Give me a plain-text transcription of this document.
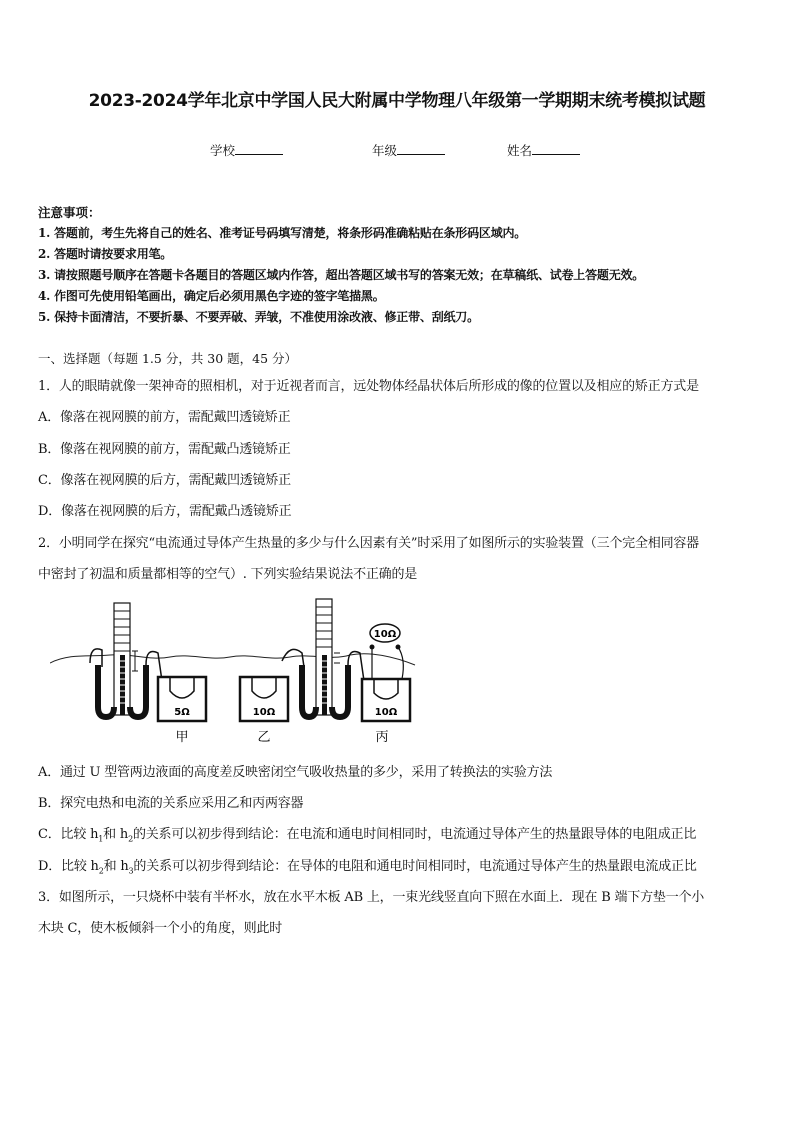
2023-2024学年北京中学国人民大附属中学物理八年级第一学期期末统考模拟试题
学校	年级	姓名
注意事项：
1. 答题前，考生先将自己的姓名、准考证号码填写清楚，将条形码准确粘贴在条形码区域内。
2. 答题时请按要求用笔。
3. 请按照题号顺序在答题卡各题目的答题区域内作答，超出答题区域书写的答案无效；在草稿纸、试卷上答题无效。
4. 作图可先使用铅笔画出，确定后必须用黑色字迹的签字笔描黑。
5. 保持卡面清洁，不要折暴、不要弄破、弄皱，不准使用涂改液、修正带、刮纸刀。
一、选择题（每题 1.5 分，共 30 题，45 分）
1．人的眼睛就像一架神奇的照相机，对于近视者而言，远处物体经晶状体后所形成的像的位置以及相应的矫正方式是
A．像落在视网膜的前方，需配戴凹透镜矫正
B．像落在视网膜的前方，需配戴凸透镜矫正
C．像落在视网膜的后方，需配戴凹透镜矫正
D．像落在视网膜的后方，需配戴凸透镜矫正
2．小明同学在探究“电流通过导体产生热量的多少与什么因素有关”时采用了如图所示的实验装置（三个完全相同容器
中密封了初温和质量都相等的空气）. 下列实验结果说法不正确的是
5Ω	10Ω
10Ω
10Ω
甲	乙	丙
A．通过 U 型管两边液面的高度差反映密闭空气吸收热量的多少，采用了转换法的实验方法
B．探究电热和电流的关系应采用乙和丙两容器
C．比较 $h_1$和 $h_2$的关系可以初步得到结论：在电流和通电时间相同时，电流通过导体产生的热量跟导体的电阻成正比
D．比较 $h_2$和 $h_3$的关系可以初步得到结论：在导体的电阻和通电时间相同时，电流通过导体产生的热量跟电流成正比
3．如图所示，一只烧杯中装有半杯水，放在水平木板 AB 上，一束光线竖直向下照在水面上．现在 B 端下方垫一个小
木块 C，使木板倾斜一个小的角度，则此时
